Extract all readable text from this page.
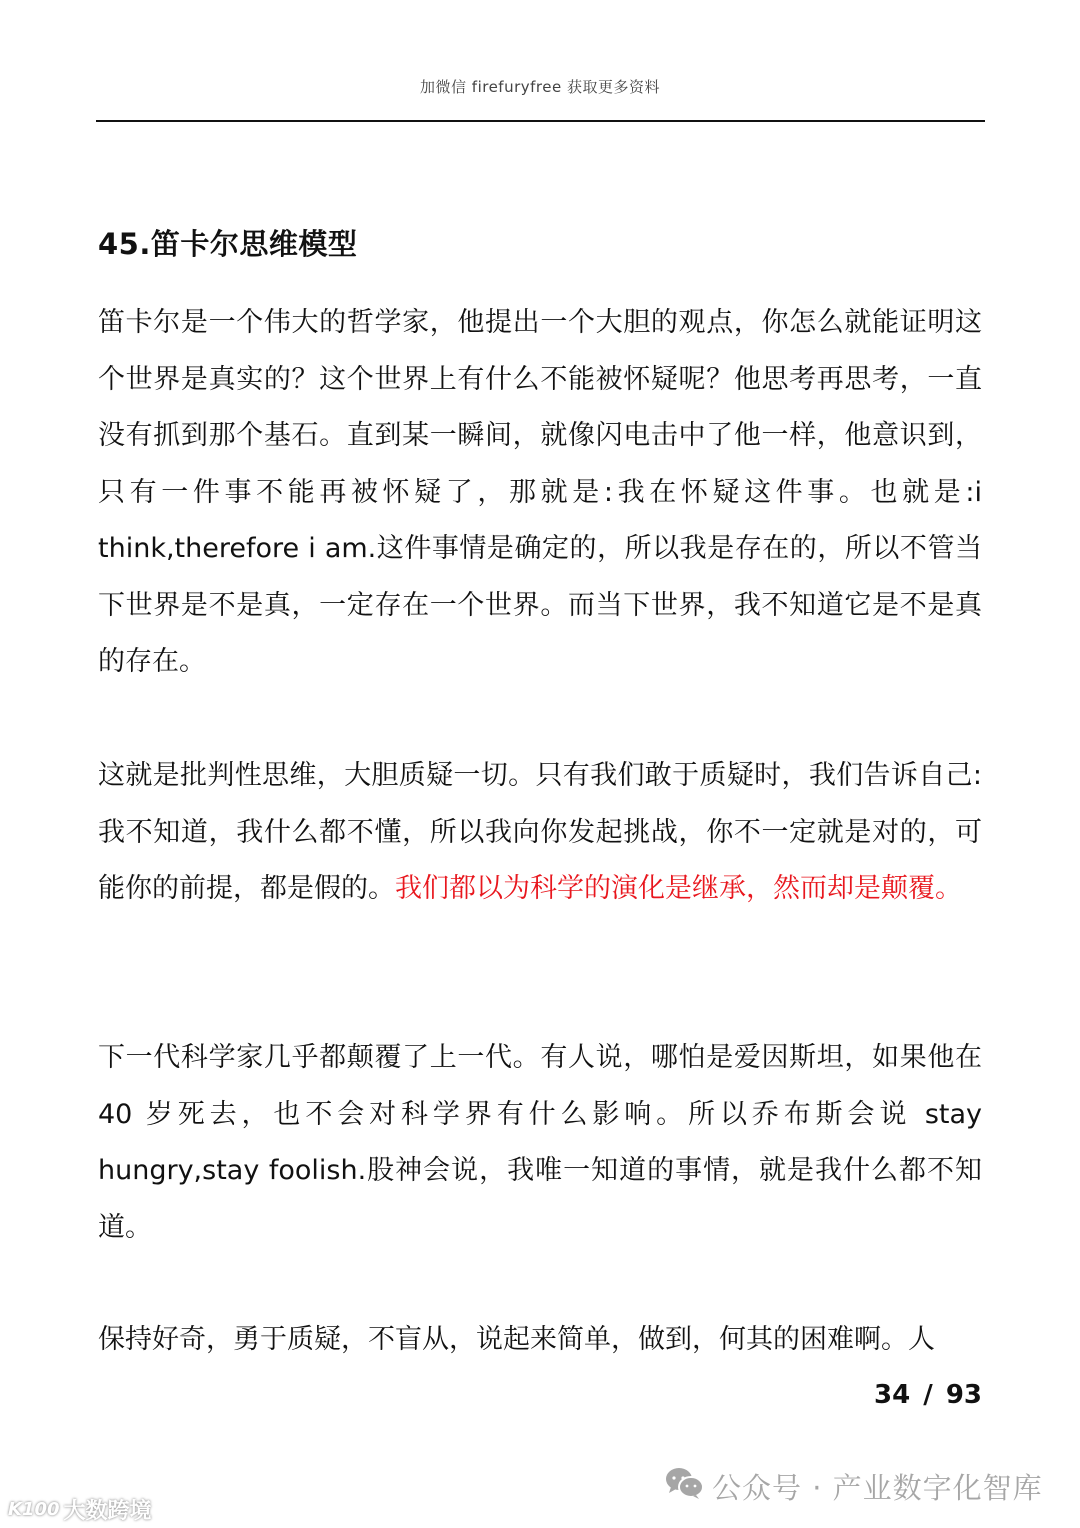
加微信 firefuryfree 获取更多资料
45.笛卡尔思维模型
笛卡尔是一个伟大的哲学家，他提出一个大胆的观点，你怎么就能证明这个世界是真实的？这个世界上有什么不能被怀疑呢？他思考再思考，一直没有抓到那个基石。直到某一瞬间，就像闪电击中了他一样，他意识到，只有一件事不能再被怀疑了，那就是:我在怀疑这件事。也就是:i think,therefore i am.这件事情是确定的，所以我是存在的，所以不管当下世界是不是真，一定存在一个世界。而当下世界，我不知道它是不是真的存在。
这就是批判性思维，大胆质疑一切。只有我们敢于质疑时，我们告诉自己:我不知道，我什么都不懂，所以我向你发起挑战，你不一定就是对的，可能你的前提，都是假的。我们都以为科学的演化是继承，然而却是颠覆。
下一代科学家几乎都颠覆了上一代。有人说，哪怕是爱因斯坦，如果他在 40 岁死去，也不会对科学界有什么影响。所以乔布斯会说 stay hungry,stay foolish.股神会说，我唯一知道的事情，就是我什么都不知道。
保持好奇，勇于质疑，不盲从，说起来简单，做到，何其的困难啊。人
34 / 93
公众号 · 产业数字化智库
K100 大数跨境
